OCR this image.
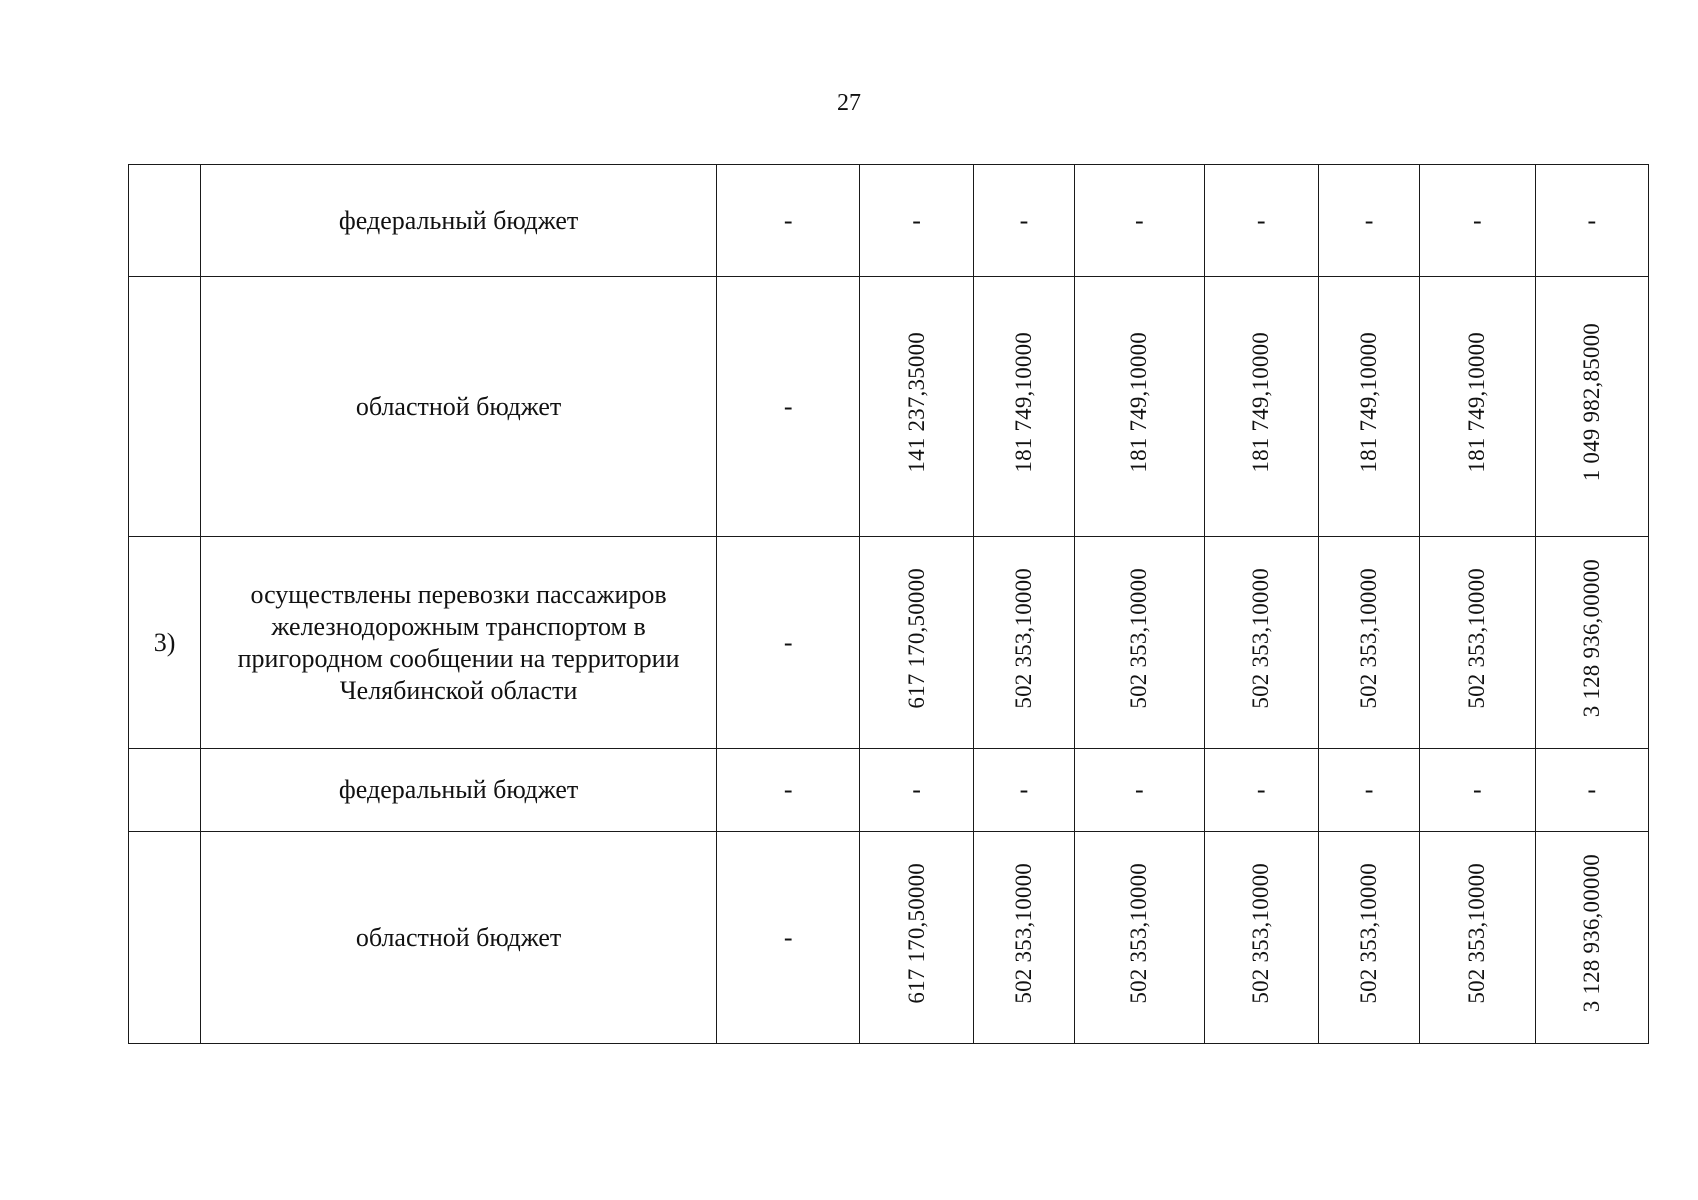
27
	федеральный бюджет	-	-	-	-	-	-	-	-
	областной бюджет	-	141 237,35000	181 749,10000	181 749,10000	181 749,10000	181 749,10000	181 749,10000	1 049 982,85000
3)	осуществлены перевозки пассажиров железнодорожным транспортом в пригородном сообщении на территории Челябинской области	-	617 170,50000	502 353,10000	502 353,10000	502 353,10000	502 353,10000	502 353,10000	3 128 936,00000
	федеральный бюджет	-	-	-	-	-	-	-	-
	областной бюджет	-	617 170,50000	502 353,10000	502 353,10000	502 353,10000	502 353,10000	502 353,10000	3 128 936,00000
